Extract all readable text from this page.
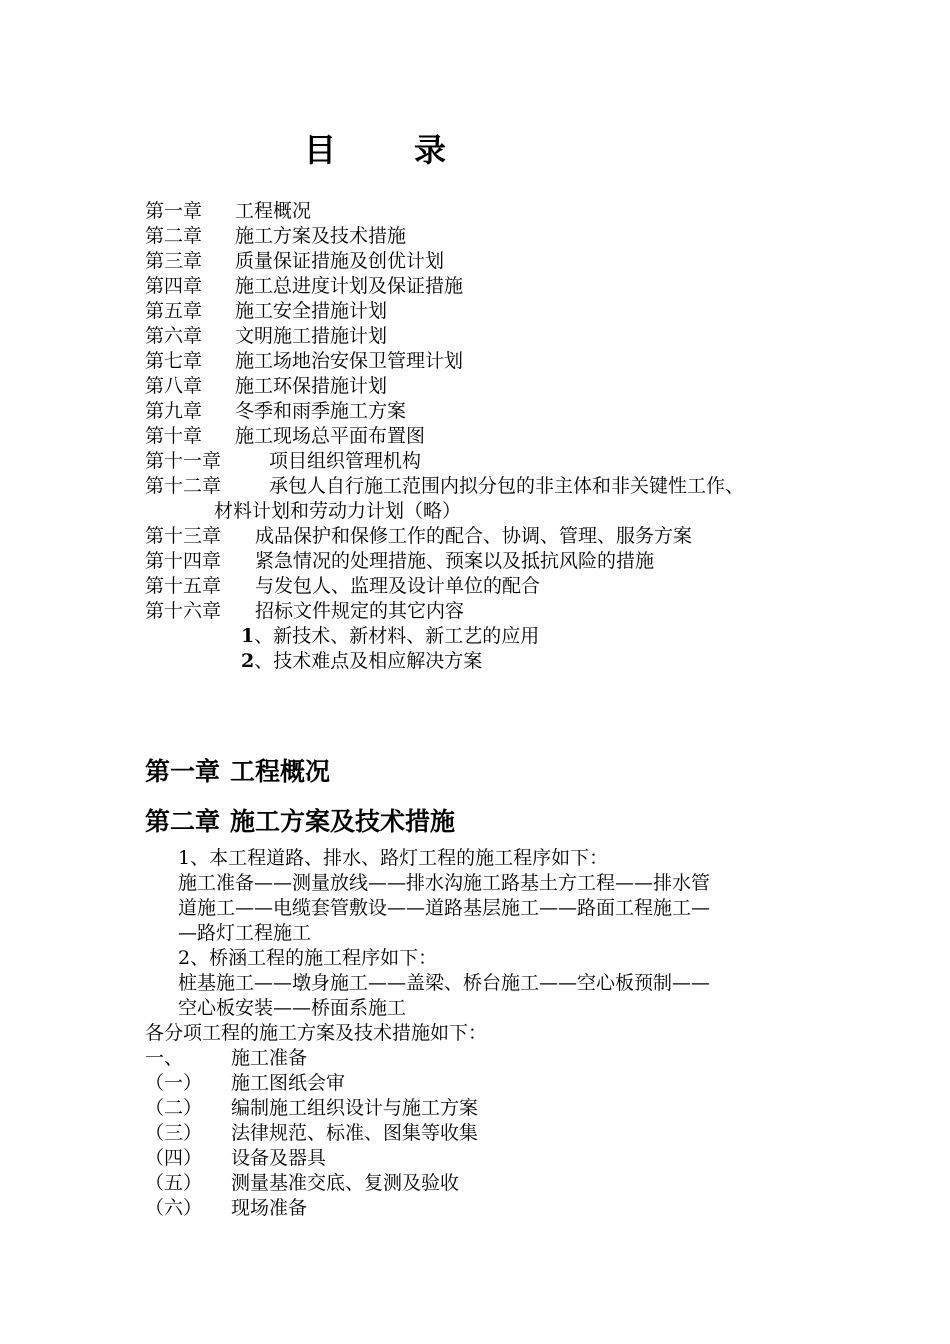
目 录
第一章 工程概况
第二章 施工方案及技术措施
第三章 质量保证措施及创优计划
第四章 施工总进度计划及保证措施
第五章 施工安全措施计划
第六章 文明施工措施计划
第七章 施工场地治安保卫管理计划
第八章 施工环保措施计划
第九章 冬季和雨季施工方案
第十章 施工现场总平面布置图
第十一章	项目组织管理机构
第十二章	承包人自行施工范围内拟分包的非主体和非关键性工作、
材料计划和劳动力计划（略）
第十三章 成品保护和保修工作的配合、协调、管理、服务方案
第十四章 紧急情况的处理措施、预案以及抵抗风险的措施
第十五章 与发包人、监理及设计单位的配合
第十六章 招标文件规定的其它内容
1、新技术、新材料、新工艺的应用
2、技术难点及相应解决方案
第一章 工程概况
第二章 施工方案及技术措施
1、本工程道路、排水、路灯工程的施工程序如下：
施工准备——测量放线——排水沟施工路基土方工程——排水管
道施工——电缆套管敷设——道路基层施工——路面工程施工—
—路灯工程施工
2、桥涵工程的施工程序如下：
桩基施工——墩身施工——盖梁、桥台施工——空心板预制——
空心板安装——桥面系施工
各分项工程的施工方案及技术措施如下：
一、	施工准备
（一） 施工图纸会审
（二） 编制施工组织设计与施工方案
（三） 法律规范、标准、图集等收集
（四） 设备及器具
（五） 测量基准交底、复测及验收
（六） 现场准备
